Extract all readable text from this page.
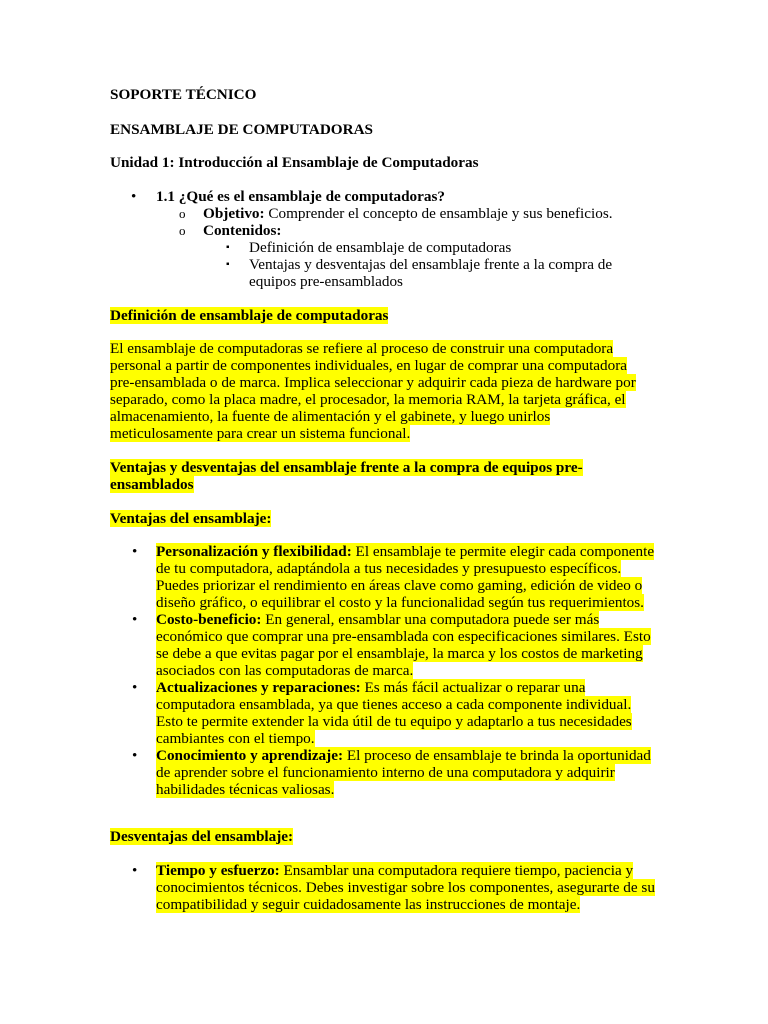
SOPORTE TÉCNICO
ENSAMBLAJE DE COMPUTADORAS
Unidad 1: Introducción al Ensamblaje de Computadoras
• 1.1 ¿Qué es el ensamblaje de computadoras?
o Objetivo: Comprender el concepto de ensamblaje y sus beneficios.
o Contenidos:
▪ Definición de ensamblaje de computadoras
▪ Ventajas y desventajas del ensamblaje frente a la compra de equipos pre-ensamblados
Definición de ensamblaje de computadoras
El ensamblaje de computadoras se refiere al proceso de construir una computadora personal a partir de componentes individuales, en lugar de comprar una computadora pre-ensamblada o de marca. Implica seleccionar y adquirir cada pieza de hardware por separado, como la placa madre, el procesador, la memoria RAM, la tarjeta gráfica, el almacenamiento, la fuente de alimentación y el gabinete, y luego unirlos meticulosamente para crear un sistema funcional.
Ventajas y desventajas del ensamblaje frente a la compra de equipos pre-ensamblados
Ventajas del ensamblaje:
• Personalización y flexibilidad: El ensamblaje te permite elegir cada componente de tu computadora, adaptándola a tus necesidades y presupuesto específicos. Puedes priorizar el rendimiento en áreas clave como gaming, edición de video o diseño gráfico, o equilibrar el costo y la funcionalidad según tus requerimientos.
• Costo-beneficio: En general, ensamblar una computadora puede ser más económico que comprar una pre-ensamblada con especificaciones similares. Esto se debe a que evitas pagar por el ensamblaje, la marca y los costos de marketing asociados con las computadoras de marca.
• Actualizaciones y reparaciones: Es más fácil actualizar o reparar una computadora ensamblada, ya que tienes acceso a cada componente individual. Esto te permite extender la vida útil de tu equipo y adaptarlo a tus necesidades cambiantes con el tiempo.
• Conocimiento y aprendizaje: El proceso de ensamblaje te brinda la oportunidad de aprender sobre el funcionamiento interno de una computadora y adquirir habilidades técnicas valiosas.
Desventajas del ensamblaje:
• Tiempo y esfuerzo: Ensamblar una computadora requiere tiempo, paciencia y conocimientos técnicos. Debes investigar sobre los componentes, asegurarte de su compatibilidad y seguir cuidadosamente las instrucciones de montaje.
